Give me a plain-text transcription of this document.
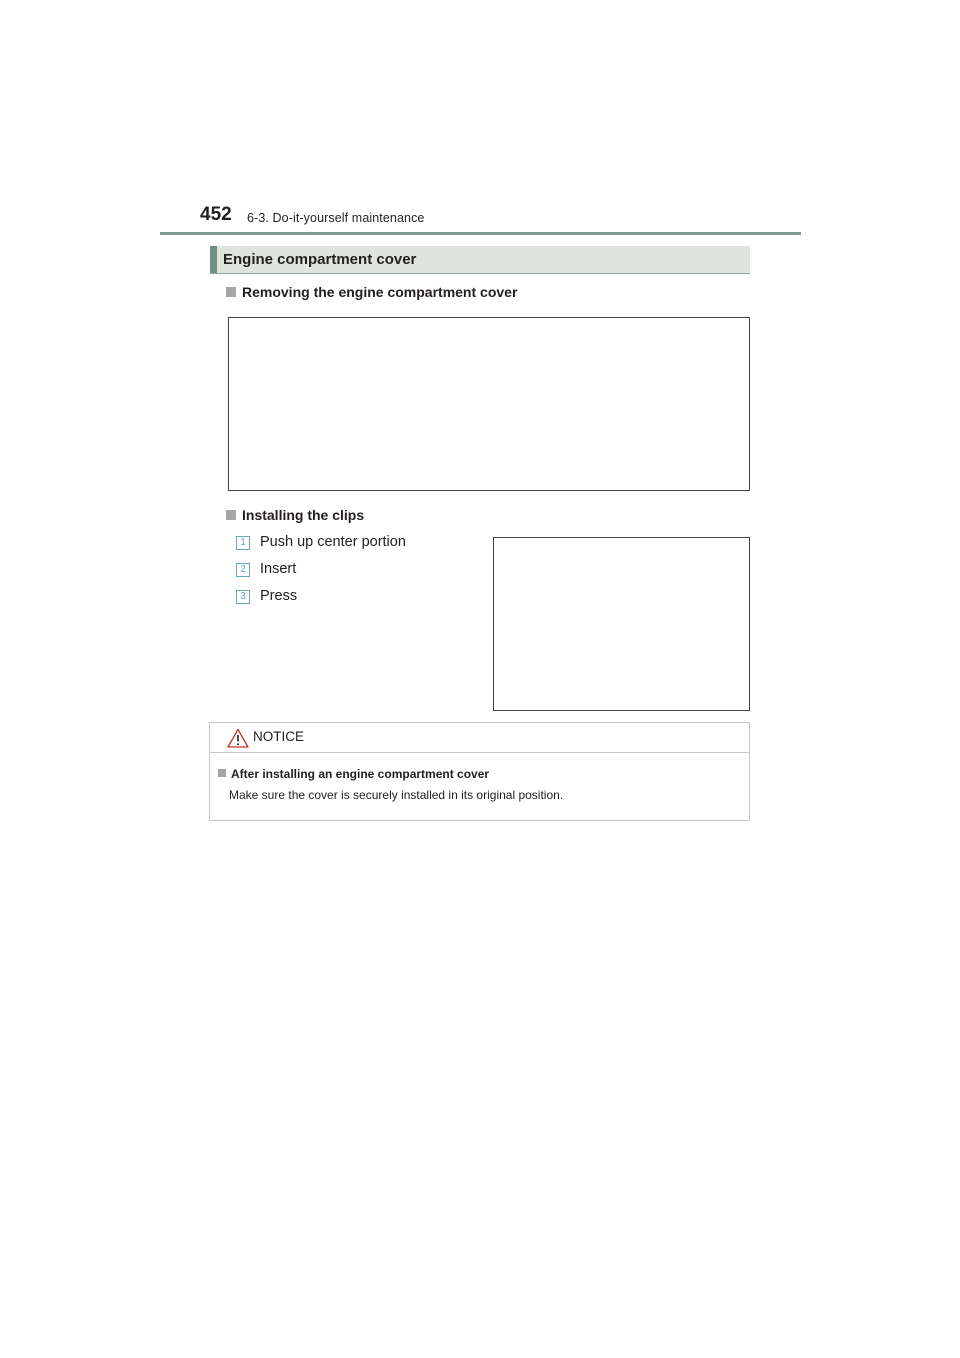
452 6-3. Do-it-yourself maintenance
Engine compartment cover
Removing the engine compartment cover
Installing the clips
1 Push up center portion
2 Insert
3 Press
NOTICE
After installing an engine compartment cover
Make sure the cover is securely installed in its original position.
